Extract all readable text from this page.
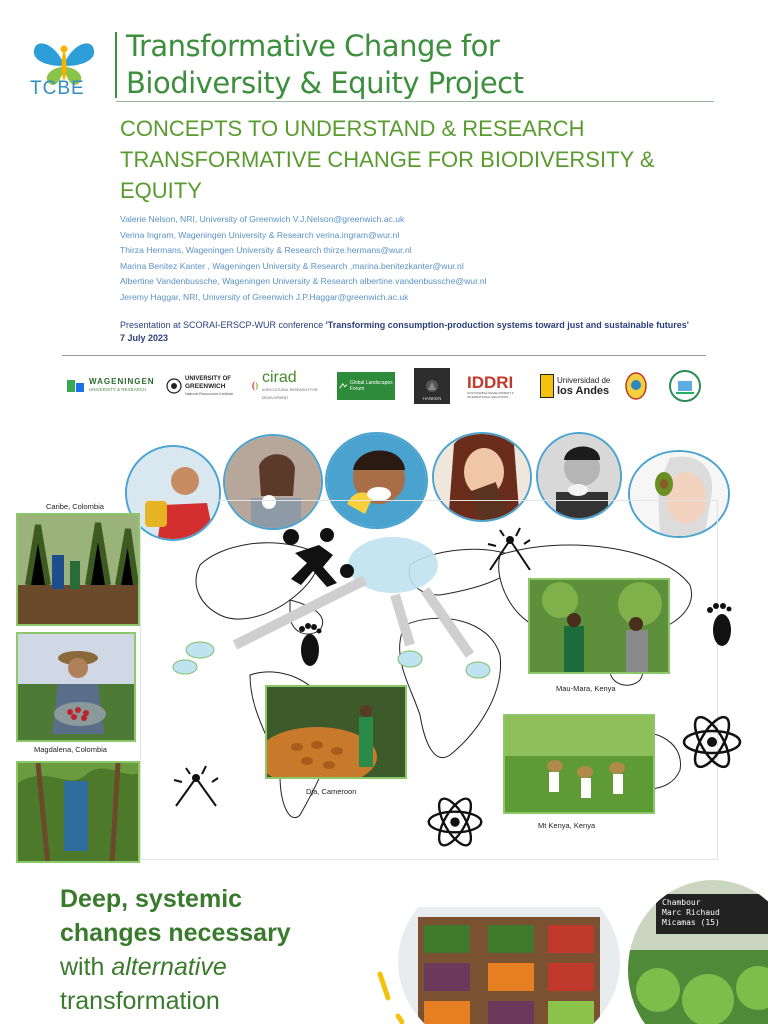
TCBE
Transformative Change for
Biodiversity & Equity Project
CONCEPTS TO UNDERSTAND & RESEARCH
TRANSFORMATIVE CHANGE FOR BIODIVERSITY &
EQUITY
Valerie Nelson, NRI, University of Greenwich V.J.Nelson@greenwich.ac.uk
Verina Ingram, Wageningen University & Research verina.ingram@wur.nl
Thirza Hermans, Wageningen University & Research thirze.hermans@wur.nl
Marina Benitez Kanter , Wageningen University & Research ,marina.benitezkanter@wur.nl
Albertine Vandenbussche, Wageningen University & Research albertine.vandenbussche@wur.nl
Jeremy Haggar, NRI, University of Greenwich J.P.Haggar@greenwich.ac.uk
Presentation at SCORAI-ERSCP-WUR conference 'Transforming consumption-production systems toward just and sustainable futures'
7 July 2023
WAGENINGEN
UNIVERSITY & RESEARCH
UNIVERSITY OF
GREENWICH
Natural Resources Institute
cirad
AGRICULTURAL RESEARCH FOR DEVELOPMENT
Global Landscapes Forum
HANKEN
IDDRI
SUSTAINABLE DEVELOPMENT & INTERNATIONAL RELATIONS
Universidad de
los Andes
Caribe, Colombia
Magdalena, Colombia
Dja, Cameroon
Mau-Mara, Kenya
Mt Kenya, Kenya
Deep, systemic
changes necessary
with alternative
transformation
Chambour
Marc Richaud
Micamas (15)
